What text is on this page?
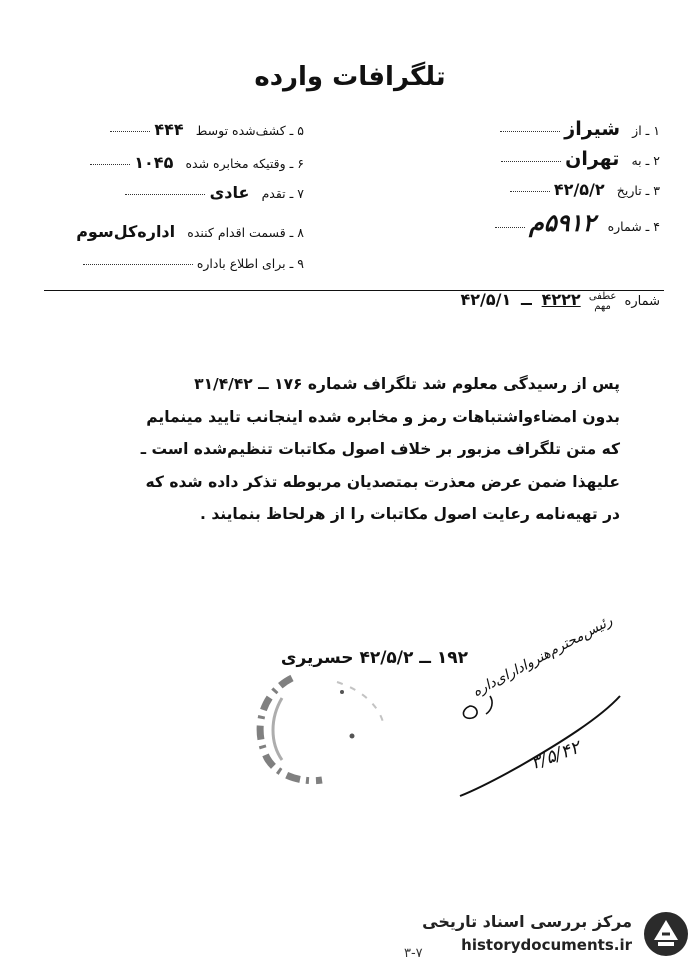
تلگرافات وارده
۵ ـ کشف‌شده توسط ۴۴۴
۶ ـ وقتیکه مخابره شده ۱۰۴۵
۷ ـ تقدم عادی
۸ ـ قسمت اقدام کننده اداره‌کل‌سوم
۹ ـ برای اطلاع باداره
۱ ـ از شیراز
۲ ـ به تهران
۳ ـ تاریخ ۴۲/۵/۲
۴ ـ شماره ۵۹۱۲م
شماره عطفی
مهم ۴۲۲۲  ــ  ۴۲/۵/۱
پس از رسیدگی معلوم شد تلگراف شماره ۱۷۶ ــ ۳۱/۴/۴۲
بدون امضاءواشتباهات رمز و مخابره شده اینجانب تایید مینمایم
که متن تلگراف مزبور بر خلاف اصول مکاتبات تنظیم‌شده است ـ
علیهذا ضمن عرض معذرت بمتصدیان مربوطه تذکر داده شده که
در تهیه‌نامه رعایت اصول مکاتبات را از هرلحاظ بنمایند .
۱۹۲ ــ ۴۲/۵/۲ حسریری رئیس‌محترم‌هنروادارای‌داره
۳/۵/۴۲
مرکز بررسی اسناد تاریخی
historydocuments.ir
۳-۷
